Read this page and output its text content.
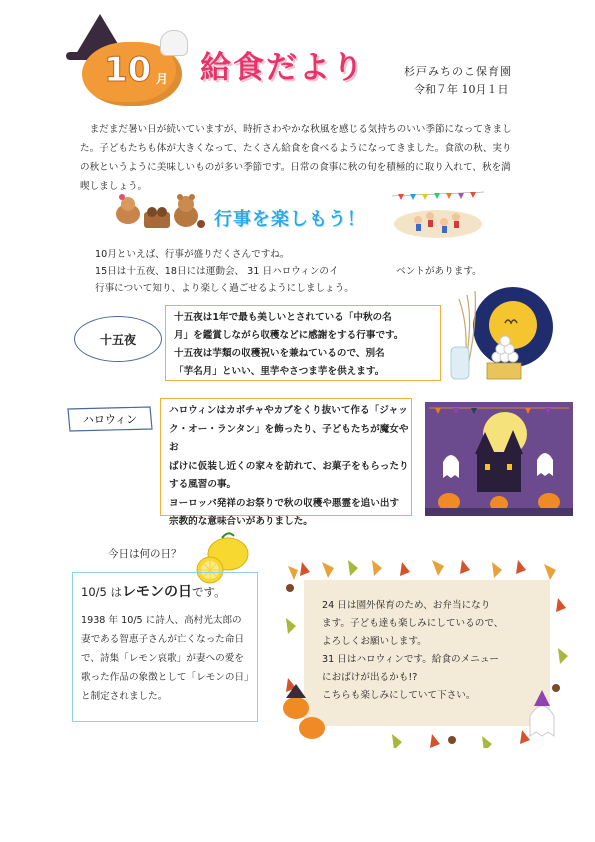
10 月 給食だより	杉戸みちのこ保育園
令和７年 10月１日
まだまだ暑い日が続いていますが、時折さわやかな秋風を感じる気持ちのいい季節になってきました。子どもたちも体が大きくなって、たくさん給食を食べるようになってきました。食欲の秋、実りの秋というように美味しいものが多い季節です。日常の食事に秋の旬を積極的に取り入れて、秋を満喫しましょう。
行事を楽しもう！
10月といえば、行事が盛りだくさんですね。
15日は十五夜、18日には運動会、 31 日ハロウィンのイ　　　　　　ベントがあります。
行事について知り、より楽しく過ごせるようにしましょう。
十五夜
十五夜は1年で最も美しいとされている「中秋の名
月」を鑑賞しながら収穫などに感謝をする行事です。
十五夜は芋類の収穫祝いを兼ねているので、別名
「芋名月」といい、里芋やさつま芋を供えます。
ハロウィン
ハロウィンはカボチャやカブをくり抜いて作る「ジャッ
ク・オー・ランタン」を飾ったり、子どもたちが魔女やお
ばけに仮装し近くの家々を訪れて、お菓子をもらったり
する風習の事。
ヨーロッパ発祥のお祭りで秋の収穫や悪霊を追い出す
宗教的な意味合いがありました。
今日は何の日？
10/5 はレモンの日です。
1938 年 10/5 に詩人、高村光太郎の妻である智恵子さんが亡くなった命日で、詩集「レモン哀歌」が妻への愛を歌った作品の象徴として「レモンの日」と制定されました。
24 日は園外保育のため、お弁当になり
ます。子ども達も楽しみにしているので、
よろしくお願いします。
31 日はハロウィンです。給食のメニュー
におばけが出るかも!?
こちらも楽しみにしていて下さい。
